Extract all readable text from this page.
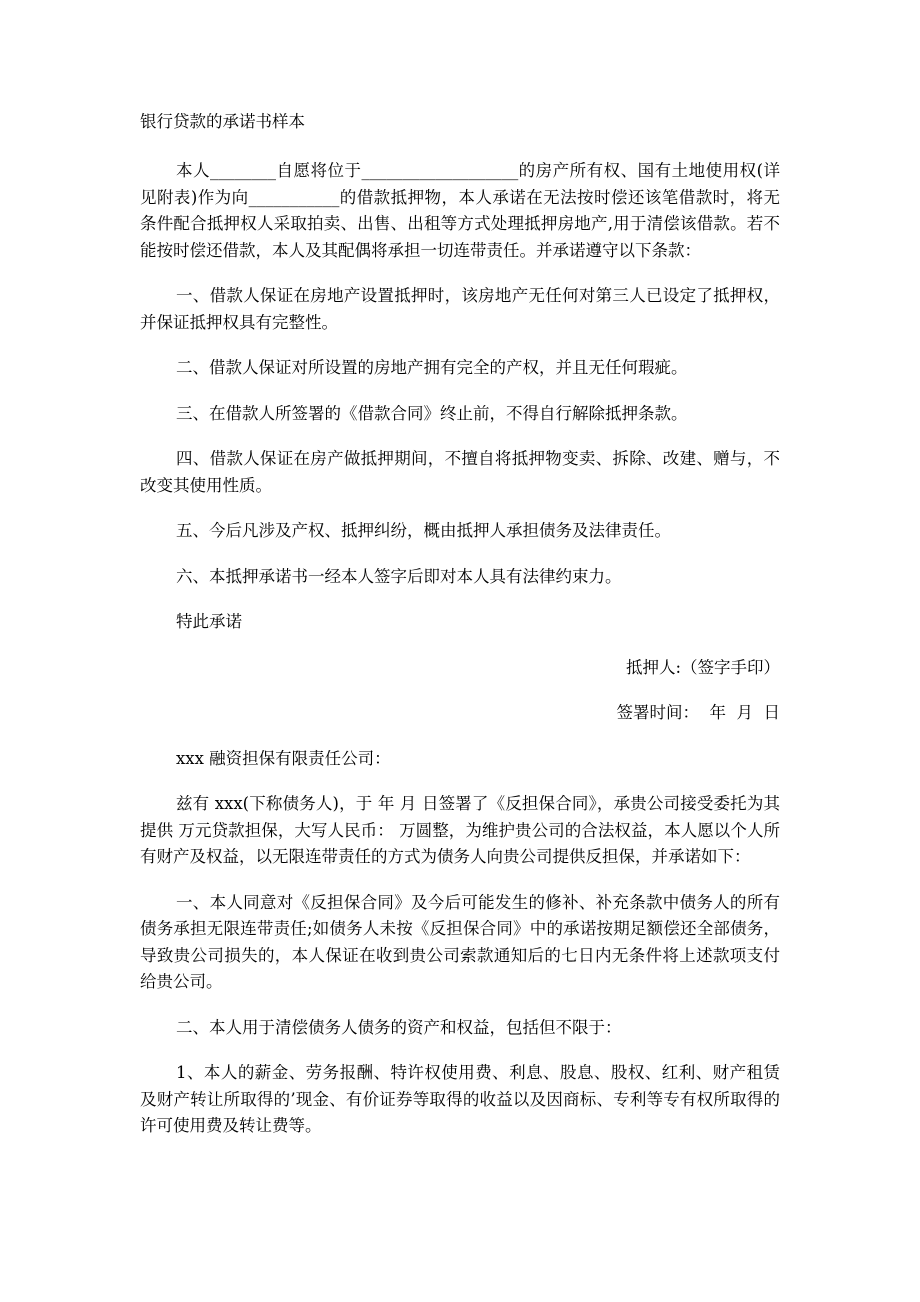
银行贷款的承诺书样本

本人________自愿将位于___________________的房产所有权、国有土地使用权(详见附表)作为向___________的借款抵押物，本人承诺在无法按时偿还该笔借款时，将无条件配合抵押权人采取拍卖、出售、出租等方式处理抵押房地产,用于清偿该借款。若不能按时偿还借款，本人及其配偶将承担一切连带责任。并承诺遵守以下条款：

一、借款人保证在房地产设置抵押时，该房地产无任何对第三人已设定了抵押权，并保证抵押权具有完整性。

二、借款人保证对所设置的房地产拥有完全的产权，并且无任何瑕疵。

三、在借款人所签署的《借款合同》终止前，不得自行解除抵押条款。

四、借款人保证在房产做抵押期间，不擅自将抵押物变卖、拆除、改建、赠与，不改变其使用性质。

五、今后凡涉及产权、抵押纠纷，概由抵押人承担债务及法律责任。

六、本抵押承诺书一经本人签字后即对本人具有法律约束力。

特此承诺

抵押人:（签字手印）

签署时间：  年  月  日

xxx 融资担保有限责任公司：

兹有 xxx(下称债务人)，于 年 月 日签署了《反担保合同》，承贵公司接受委托为其提供 万元贷款担保，大写人民币： 万圆整，为维护贵公司的合法权益，本人愿以个人所有财产及权益，以无限连带责任的方式为债务人向贵公司提供反担保，并承诺如下：

一、本人同意对《反担保合同》及今后可能发生的修补、补充条款中债务人的所有债务承担无限连带责任;如债务人未按《反担保合同》中的承诺按期足额偿还全部债务，导致贵公司损失的，本人保证在收到贵公司索款通知后的七日内无条件将上述款项支付给贵公司。

二、本人用于清偿债务人债务的资产和权益，包括但不限于：

1、本人的薪金、劳务报酬、特许权使用费、利息、股息、股权、红利、财产租赁及财产转让所取得的’现金、有价证券等取得的收益以及因商标、专利等专有权所取得的许可使用费及转让费等。
